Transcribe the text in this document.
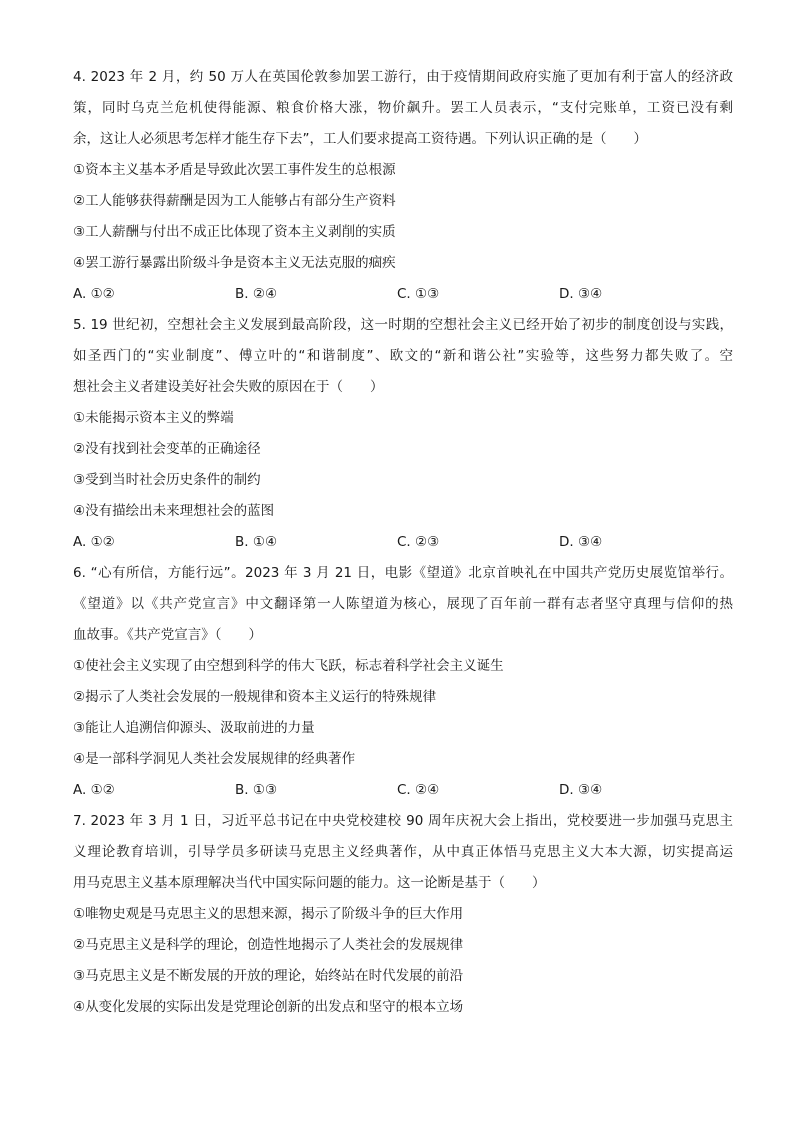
4. 2023 年 2 月，约 50 万人在英国伦敦参加罢工游行，由于疫情期间政府实施了更加有利于富人的经济政
策，同时乌克兰危机使得能源、粮食价格大涨，物价飙升。罢工人员表示，“支付完账单，工资已没有剩
余，这让人必须思考怎样才能生存下去”，工人们要求提高工资待遇。下列认识正确的是（　　）
①资本主义基本矛盾是导致此次罢工事件发生的总根源
②工人能够获得薪酬是因为工人能够占有部分生产资料
③工人薪酬与付出不成正比体现了资本主义剥削的实质
④罢工游行暴露出阶级斗争是资本主义无法克服的痼疾
A. ①②	B. ②④	C. ①③	D. ③④
5. 19 世纪初，空想社会主义发展到最高阶段，这一时期的空想社会主义已经开始了初步的制度创设与实践，
如圣西门的“实业制度”、傅立叶的“和谐制度”、欧文的“新和谐公社”实验等，这些努力都失败了。空
想社会主义者建设美好社会失败的原因在于（　　）
①未能揭示资本主义的弊端
②没有找到社会变革的正确途径
③受到当时社会历史条件的制约
④没有描绘出未来理想社会的蓝图
A. ①②	B. ①④	C. ②③	D. ③④
6. “心有所信，方能行远”。2023 年 3 月 21 日，电影《望道》北京首映礼在中国共产党历史展览馆举行。
《望道》以《共产党宣言》中文翻译第一人陈望道为核心，展现了百年前一群有志者坚守真理与信仰的热
血故事。《共产党宣言》（　　）
①使社会主义实现了由空想到科学的伟大飞跃，标志着科学社会主义诞生
②揭示了人类社会发展的一般规律和资本主义运行的特殊规律
③能让人追溯信仰源头、汲取前进的力量
④是一部科学洞见人类社会发展规律的经典著作
A. ①②	B. ①③	C. ②④	D. ③④
7. 2023 年 3 月 1 日，习近平总书记在中央党校建校 90 周年庆祝大会上指出，党校要进一步加强马克思主
义理论教育培训，引导学员多研读马克思主义经典著作，从中真正体悟马克思主义大本大源，切实提高运
用马克思主义基本原理解决当代中国实际问题的能力。这一论断是基于（　　）
①唯物史观是马克思主义的思想来源，揭示了阶级斗争的巨大作用
②马克思主义是科学的理论，创造性地揭示了人类社会的发展规律
③马克思主义是不断发展的开放的理论，始终站在时代发展的前沿
④从变化发展的实际出发是党理论创新的出发点和坚守的根本立场
